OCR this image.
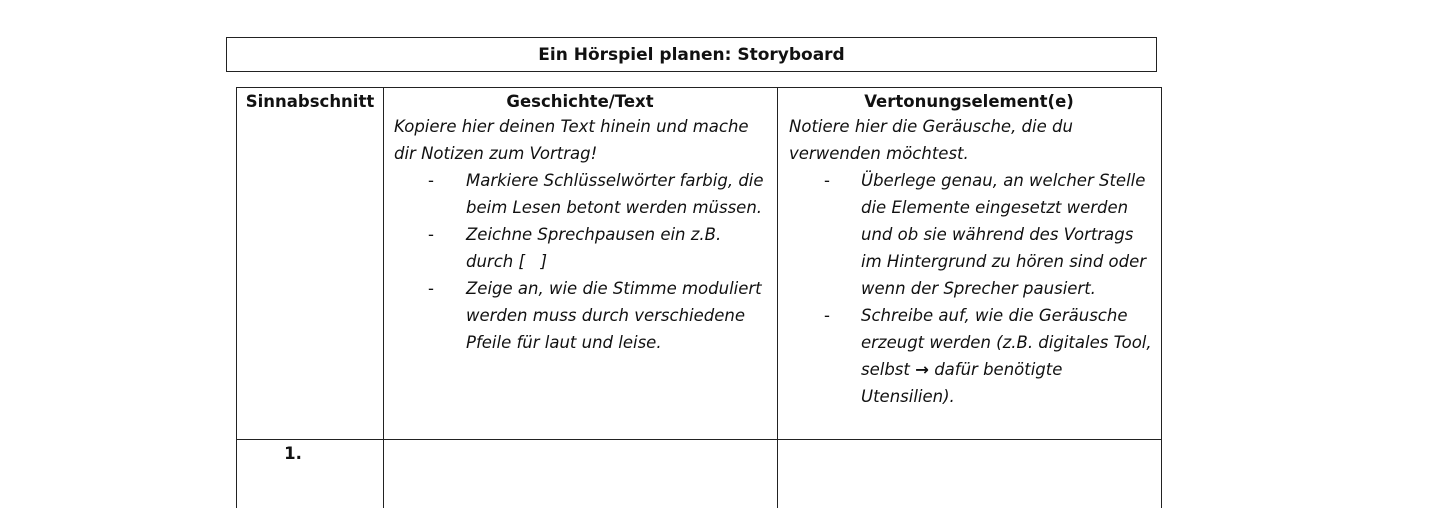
Ein Hörspiel planen: Storyboard
Sinnabschnitt	Geschichte/Text

Kopiere hier deinen Text hinein und mache dir Notizen zum Vortrag!

- Markiere Schlüsselwörter farbig, die beim Lesen betont werden müssen.
- Zeichne Sprechpausen ein z.B. durch [   ]
- Zeige an, wie die Stimme moduliert werden muss durch verschiedene Pfeile für laut und leise.
Vertonungselement(e)

Notiere hier die Geräusche, die du verwenden möchtest.

- Überlege genau, an welcher Stelle die Elemente eingesetzt werden und ob sie während des Vortrags im Hintergrund zu hören sind oder wenn der Sprecher pausiert.
- Schreibe auf, wie die Geräusche erzeugt werden (z.B. digitales Tool, selbst → dafür benötigte Utensilien).
1.
